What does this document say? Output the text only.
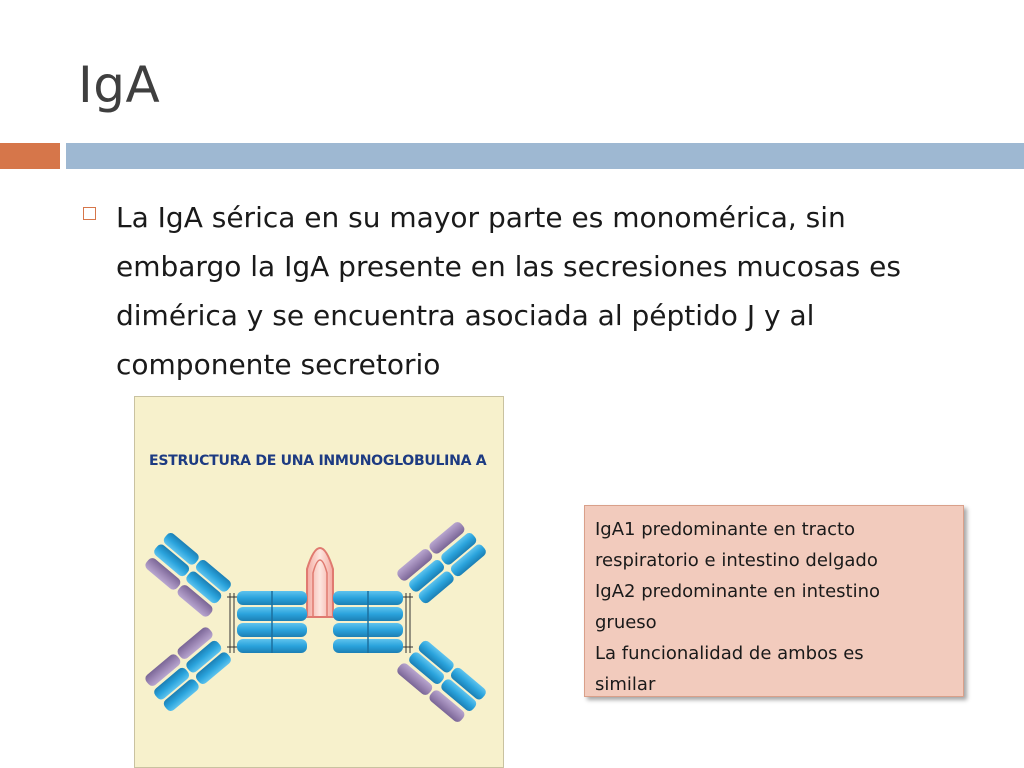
IgA
La IgA sérica en su mayor parte es monomérica, sin embargo la IgA presente en las secresiones mucosas es dimérica y se encuentra asociada al péptido J y al componente secretorio
ESTRUCTURA DE UNA INMUNOGLOBULINA A
IgA1 predominante en tracto
respiratorio e intestino delgado
IgA2 predominante en intestino
grueso
La funcionalidad de ambos es
similar
